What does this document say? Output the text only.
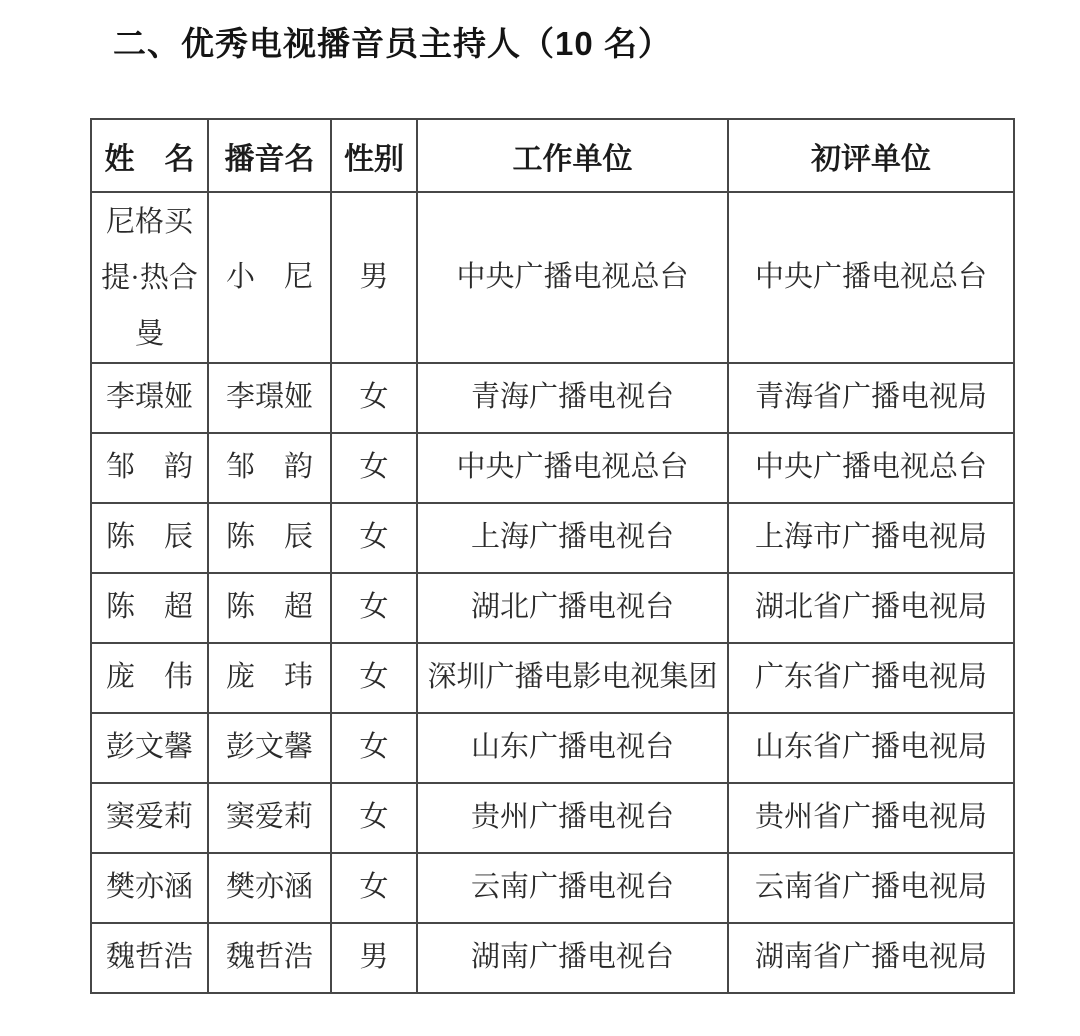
二、优秀电视播音员主持人（10 名）
姓　名	播音名	性别	工作单位	初评单位
尼格买提·热合曼	小　尼	男	中央广播电视总台	中央广播电视总台
李璟娅	李璟娅	女	青海广播电视台	青海省广播电视局
邹　韵	邹　韵	女	中央广播电视总台	中央广播电视总台
陈　辰	陈　辰	女	上海广播电视台	上海市广播电视局
陈　超	陈　超	女	湖北广播电视台	湖北省广播电视局
庞　伟	庞　玮	女	深圳广播电影电视集团	广东省广播电视局
彭文馨	彭文馨	女	山东广播电视台	山东省广播电视局
窦爱莉	窦爱莉	女	贵州广播电视台	贵州省广播电视局
樊亦涵	樊亦涵	女	云南广播电视台	云南省广播电视局
魏哲浩	魏哲浩	男	湖南广播电视台	湖南省广播电视局
